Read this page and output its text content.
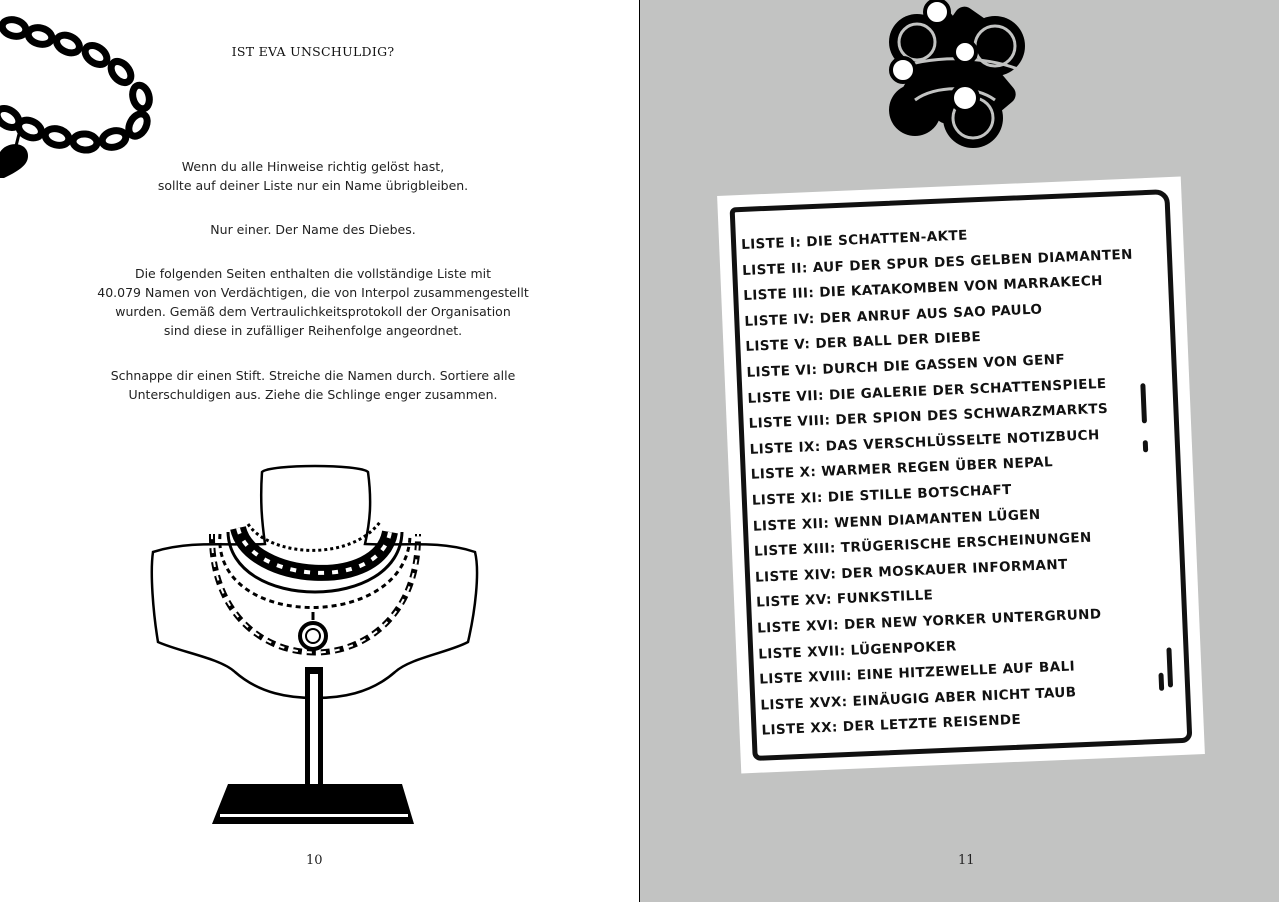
IST EVA UNSCHULDIG?

Wenn du alle Hinweise richtig gelöst hast,
sollte auf deiner Liste nur ein Name übrigbleiben.

Nur einer. Der Name des Diebes.

Die folgenden Seiten enthalten die vollständige Liste mit
40.079 Namen von Verdächtigen, die von Interpol zusammengestellt
wurden. Gemäß dem Vertraulichkeitsprotokoll der Organisation
sind diese in zufälliger Reihenfolge angeordnet.

Schnappe dir einen Stift. Streiche die Namen durch. Sortiere alle
Unterschuldigen aus. Ziehe die Schlinge enger zusammen.

10
LISTE I: DIE SCHATTEN-AKTE
LISTE II: AUF DER SPUR DES GELBEN DIAMANTEN
LISTE III: DIE KATAKOMBEN VON MARRAKECH
LISTE IV: DER ANRUF AUS SAO PAULO
LISTE V: DER BALL DER DIEBE
LISTE VI: DURCH DIE GASSEN VON GENF
LISTE VII: DIE GALERIE DER SCHATTENSPIELE
LISTE VIII: DER SPION DES SCHWARZMARKTS
LISTE IX: DAS VERSCHLÜSSELTE NOTIZBUCH
LISTE X: WARMER REGEN ÜBER NEPAL
LISTE XI: DIE STILLE BOTSCHAFT
LISTE XII: WENN DIAMANTEN LÜGEN
LISTE XIII: TRÜGERISCHE ERSCHEINUNGEN
LISTE XIV: DER MOSKAUER INFORMANT
LISTE XV: FUNKSTILLE
LISTE XVI: DER NEW YORKER UNTERGRUND
LISTE XVII: LÜGENPOKER
LISTE XVIII: EINE HITZEWELLE AUF BALI
LISTE XVX: EINÄUGIG ABER NICHT TAUB
LISTE XX: DER LETZTE REISENDE
11
